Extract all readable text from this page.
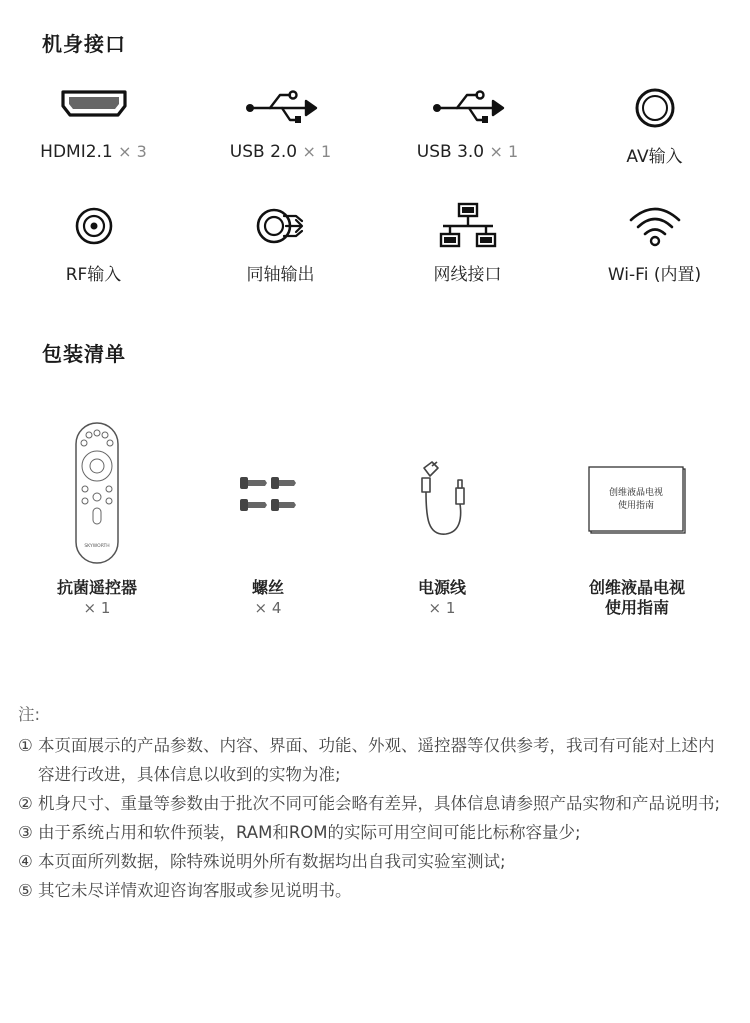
机身接口
HDMI2.1 × 3	USB 2.0 × 1	USB 3.0 × 1	AV输入
RF输入	同轴输出	网线接口	Wi-Fi (内置)
包装清单
SKYWORTH
抗菌遥控器
× 1
螺丝
× 4
电源线
× 1
创维液晶电视
使用指南
创维液晶电视
使用指南
注:
① 本页面展示的产品参数、内容、界面、功能、外观、遥控器等仅供参考，我司有可能对上述内容进行改进，具体信息以收到的实物为准;
② 机身尺寸、重量等参数由于批次不同可能会略有差异，具体信息请参照产品实物和产品说明书;
③ 由于系统占用和软件预装，RAM和ROM的实际可用空间可能比标称容量少;
④ 本页面所列数据，除特殊说明外所有数据均出自我司实验室测试;
⑤ 其它未尽详情欢迎咨询客服或参见说明书。
